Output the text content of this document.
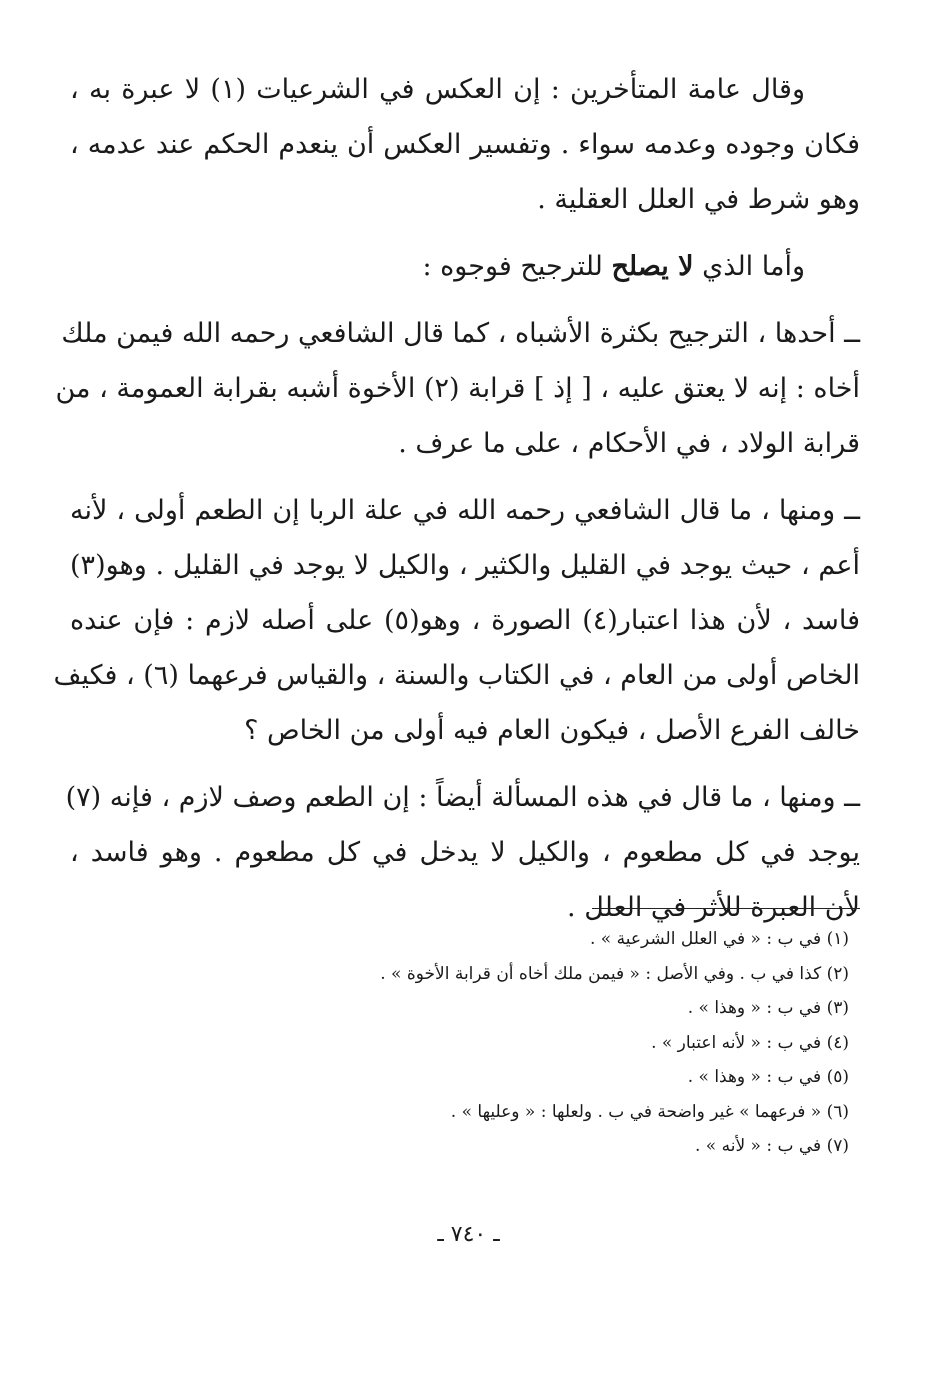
وقال عامة المتأخرين : إن العكس في الشرعيات (١) لا عبرة به ،
فكان وجوده وعدمه سواء . وتفسير العكس أن ينعدم الحكم عند عدمه ،
وهو شرط في العلل العقلية .
وأما الذي لا يصلح للترجيح فوجوه :
ــ أحدها ، الترجيح بكثرة الأشباه ، كما قال الشافعي رحمه الله فيمن ملك
أخاه : إنه لا يعتق عليه ، [ إذ ] قرابة (٢) الأخوة أشبه بقرابة العمومة ، من
قرابة الولاد ، في الأحكام ، على ما عرف .
ــ ومنها ، ما قال الشافعي رحمه الله في علة الربا إن الطعم أولى ، لأنه
أعم ، حيث يوجد في القليل والكثير ، والكيل لا يوجد في القليل . وهو(٣)
فاسد ، لأن هذا اعتبار(٤) الصورة ، وهو(٥) على أصله لازم : فإن عنده
الخاص أولى من العام ، في الكتاب والسنة ، والقياس فرعهما (٦) ، فكيف
خالف الفرع الأصل ، فيكون العام فيه أولى من الخاص ؟
ــ ومنها ، ما قال في هذه المسألة أيضاً : إن الطعم وصف لازم ، فإنه (٧)
يوجد في كل مطعوم ، والكيل لا يدخل في كل مطعوم . وهو فاسد ،
لأن العبرة للأثر في العلل .
(١) في ب : « في العلل الشرعية » .
(٢) كذا في ب . وفي الأصل : « فيمن ملك أخاه أن قرابة الأخوة » .
(٣) في ب : « وهذا » .
(٤) في ب : « لأنه اعتبار » .
(٥) في ب : « وهذا » .
(٦) « فرعهما » غير واضحة في ب . ولعلها : « وعليها » .
(٧) في ب : « لأنه » .
ـ ٧٤٠ ـ
